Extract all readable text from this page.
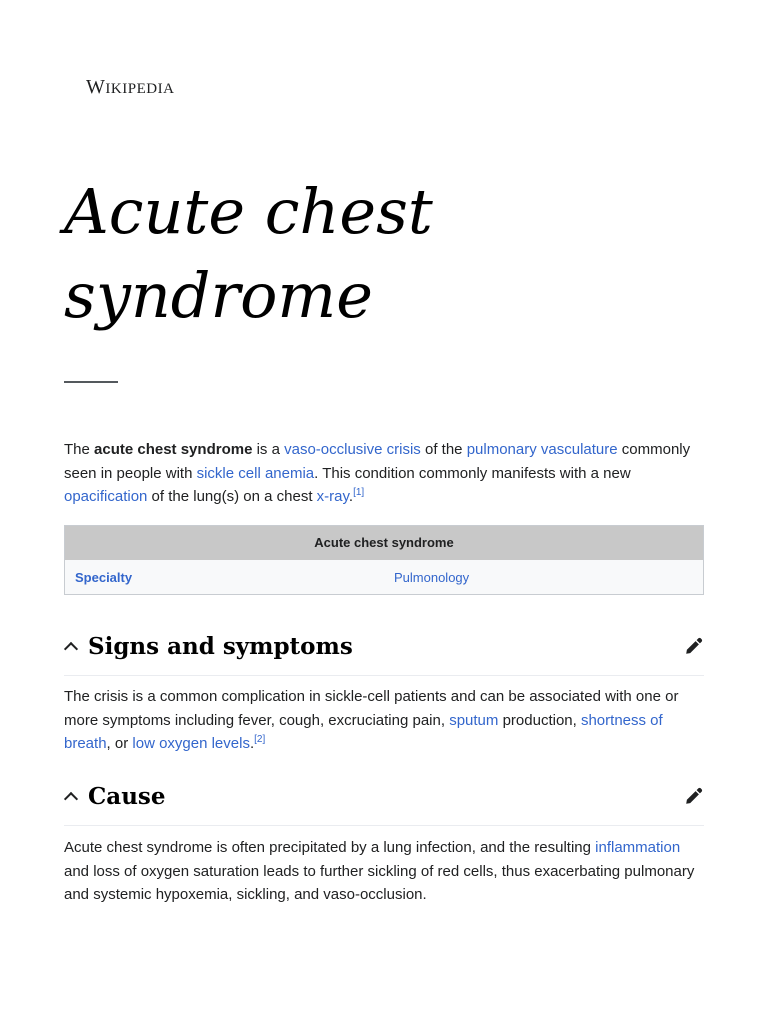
WIKIPEDIA
Acute chest syndrome

The acute chest syndrome is a vaso-occlusive crisis of the pulmonary vasculature commonly seen in people with sickle cell anemia. This condition commonly manifests with a new opacification of the lung(s) on a chest x-ray.[1]

Acute chest syndrome
Specialty	Pulmonology
Signs and symptoms

The crisis is a common complication in sickle-cell patients and can be associated with one or more symptoms including fever, cough, excruciating pain, sputum production, shortness of breath, or low oxygen levels.[2]

Cause

Acute chest syndrome is often precipitated by a lung infection, and the resulting inflammation and loss of oxygen saturation leads to further sickling of red cells, thus exacerbating pulmonary and systemic hypoxemia, sickling, and vaso-occlusion.
